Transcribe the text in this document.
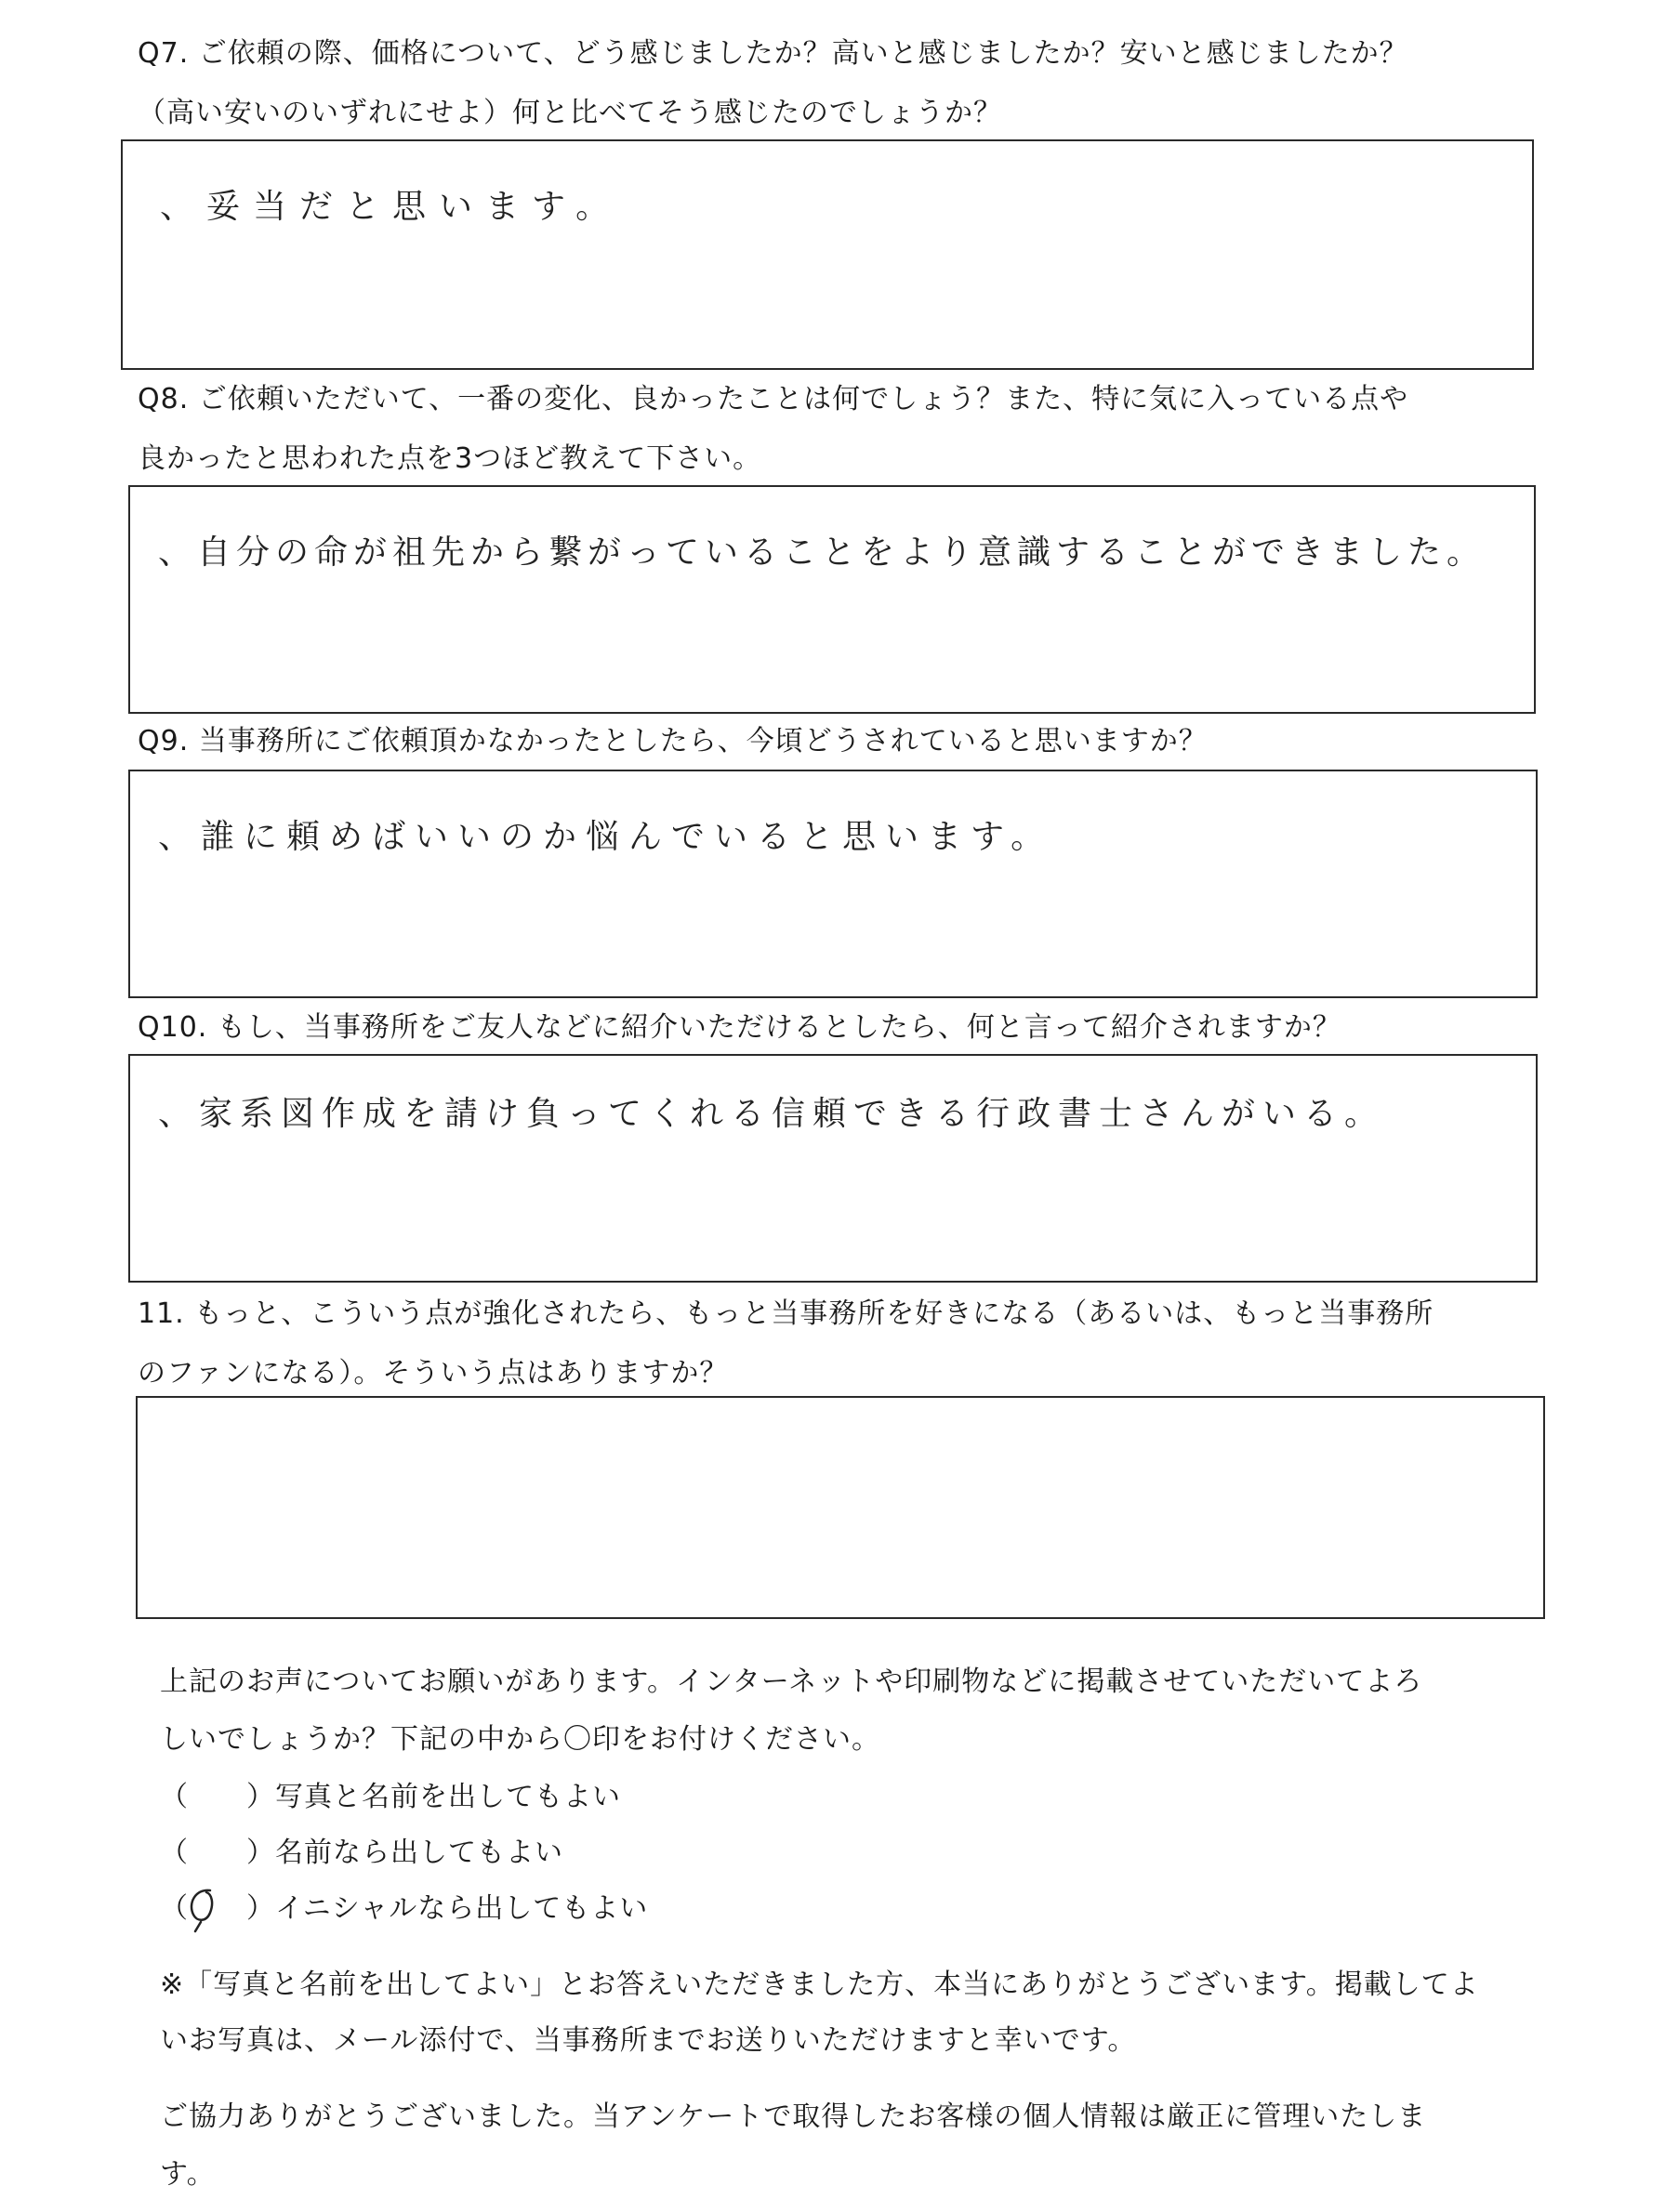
Q7. ご依頼の際、価格について、どう感じましたか？高いと感じましたか？安いと感じましたか？
（高い安いのいずれにせよ）何と比べてそう感じたのでしょうか？
、妥当だと思います。
Q8. ご依頼いただいて、一番の変化、良かったことは何でしょう？また、特に気に入っている点や
良かったと思われた点を3つほど教えて下さい。
、自分の命が祖先から繋がっていることをより意識することができました。
Q9. 当事務所にご依頼頂かなかったとしたら、今頃どうされていると思いますか？
、誰に頼めばいいのか悩んでいると思います。
Q10. もし、当事務所をご友人などに紹介いただけるとしたら、何と言って紹介されますか？
、家系図作成を請け負ってくれる信頼できる行政書士さんがいる。
11. もっと、こういう点が強化されたら、もっと当事務所を好きになる（あるいは、もっと当事務所
のファンになる）。そういう点はありますか？
上記のお声についてお願いがあります。インターネットや印刷物などに掲載させていただいてよろ
しいでしょうか？下記の中から〇印をお付けください。
（　　）写真と名前を出してもよい
（　　）名前なら出してもよい
（　　）イニシャルなら出してもよい
※「写真と名前を出してよい」とお答えいただきました方、本当にありがとうございます。掲載してよ
いお写真は、メール添付で、当事務所までお送りいただけますと幸いです。
ご協力ありがとうございました。当アンケートで取得したお客様の個人情報は厳正に管理いたしま
す。
